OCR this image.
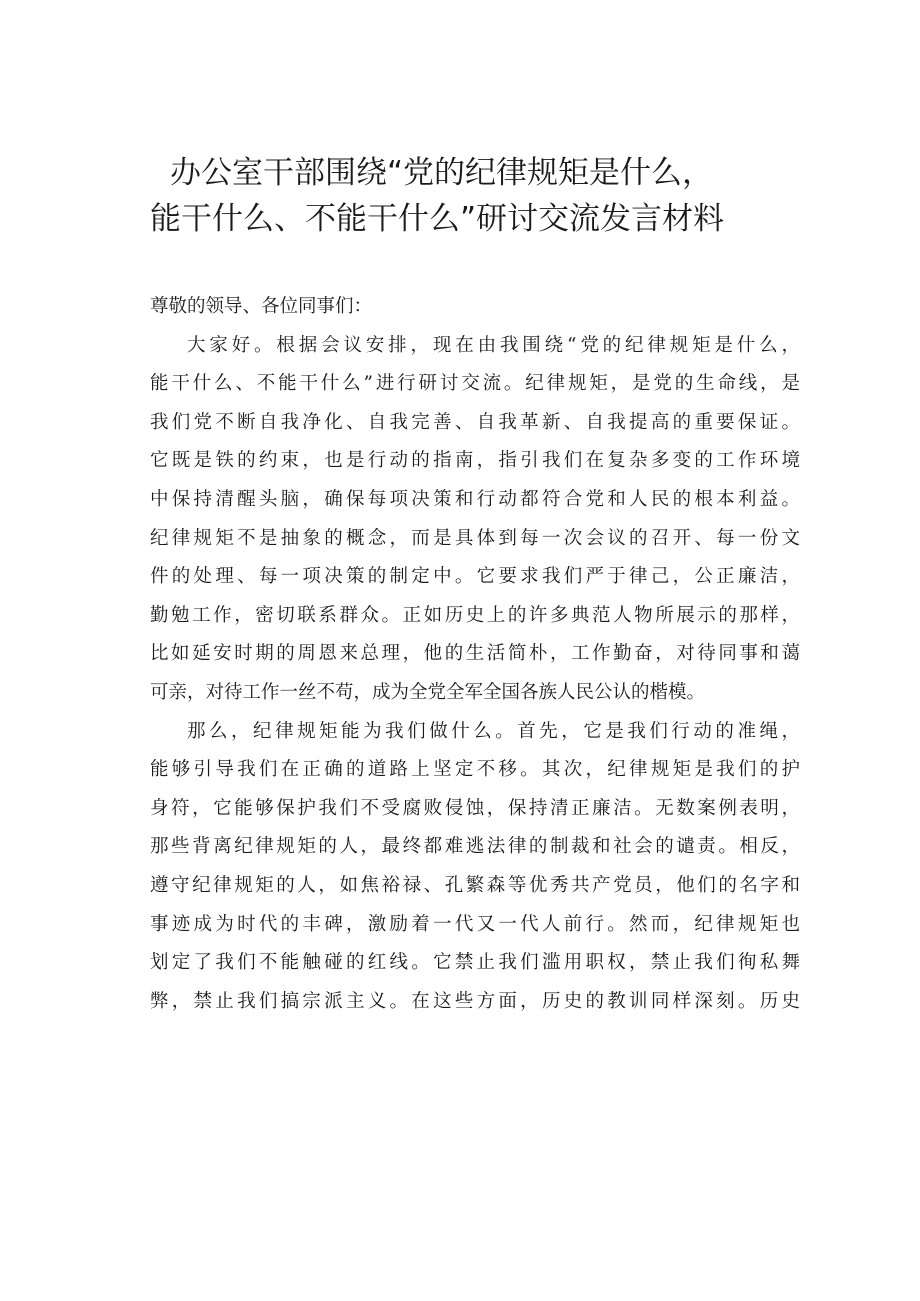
办公室干部围绕“党的纪律规矩是什么，
能干什么、不能干什么”研讨交流发言材料

尊敬的领导、各位同事们：

大家好。根据会议安排，现在由我围绕“党的纪律规矩是什么，
能干什么、不能干什么”进行研讨交流。纪律规矩，是党的生命线，是
我们党不断自我净化、自我完善、自我革新、自我提高的重要保证。
它既是铁的约束，也是行动的指南，指引我们在复杂多变的工作环境
中保持清醒头脑，确保每项决策和行动都符合党和人民的根本利益。
纪律规矩不是抽象的概念，而是具体到每一次会议的召开、每一份文
件的处理、每一项决策的制定中。它要求我们严于律己，公正廉洁，
勤勉工作，密切联系群众。正如历史上的许多典范人物所展示的那样，
比如延安时期的周恩来总理，他的生活简朴，工作勤奋，对待同事和蔼
可亲，对待工作一丝不苟，成为全党全军全国各族人民公认的楷模。

那么，纪律规矩能为我们做什么。首先，它是我们行动的准绳，
能够引导我们在正确的道路上坚定不移。其次，纪律规矩是我们的护
身符，它能够保护我们不受腐败侵蚀，保持清正廉洁。无数案例表明，
那些背离纪律规矩的人，最终都难逃法律的制裁和社会的谴责。相反，
遵守纪律规矩的人，如焦裕禄、孔繁森等优秀共产党员，他们的名字和
事迹成为时代的丰碑，激励着一代又一代人前行。然而，纪律规矩也
划定了我们不能触碰的红线。它禁止我们滥用职权，禁止我们徇私舞
弊，禁止我们搞宗派主义。在这些方面，历史的教训同样深刻。历史
